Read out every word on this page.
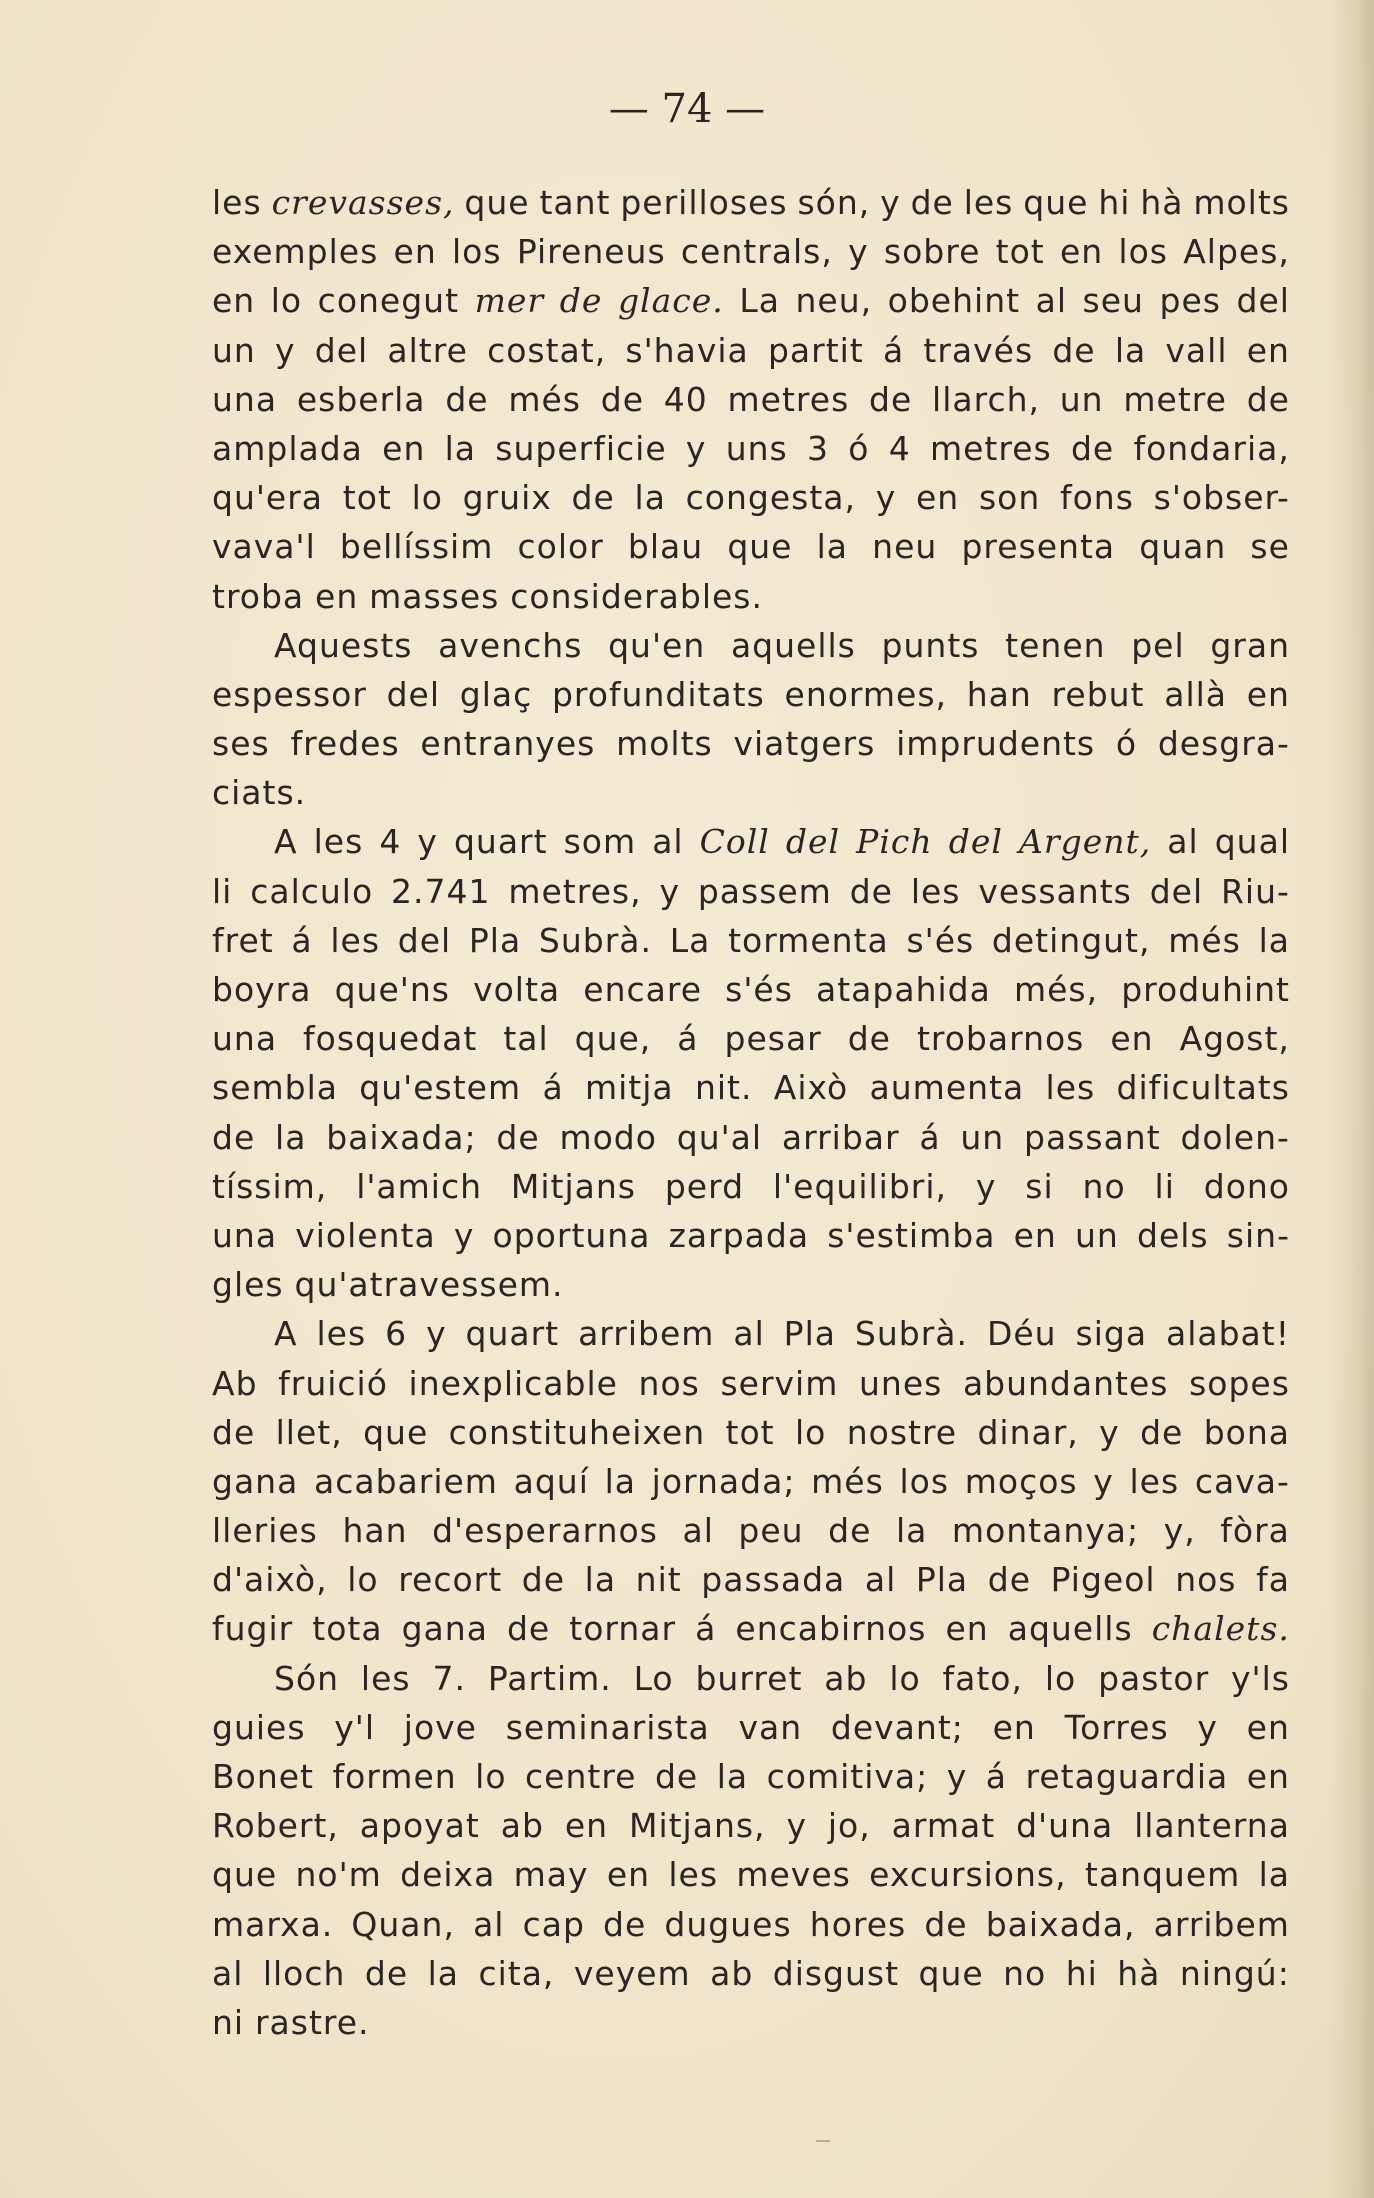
— 74 —

les crevasses, que tant perilloses són, y de les que hi hà molts
exemples en los Pireneus centrals, y sobre tot en los Alpes,
en lo conegut mer de glace. La neu, obehint al seu pes del
un y del altre costat, s'havia partit á través de la vall en
una esberla de més de 40 metres de llarch, un metre de
amplada en la superficie y uns 3 ó 4 metres de fondaria,
qu'era tot lo gruix de la congesta, y en son fons s'obser-
vava'l bellíssim color blau que la neu presenta quan se
troba en masses considerables.
Aquests avenchs qu'en aquells punts tenen pel gran
espessor del glaç profunditats enormes, han rebut allà en
ses fredes entranyes molts viatgers imprudents ó desgra-
ciats.
A les 4 y quart som al Coll del Pich del Argent, al qual
li calculo 2.741 metres, y passem de les vessants del Riu-
fret á les del Pla Subrà. La tormenta s'és detingut, més la
boyra que'ns volta encare s'és atapahida més, produhint
una fosquedat tal que, á pesar de trobarnos en Agost,
sembla qu'estem á mitja nit. Això aumenta les dificultats
de la baixada; de modo qu'al arribar á un passant dolen-
tíssim, l'amich Mitjans perd l'equilibri, y si no li dono
una violenta y oportuna zarpada s'estimba en un dels sin-
gles qu'atravessem.
A les 6 y quart arribem al Pla Subrà. Déu siga alabat!
Ab fruició inexplicable nos servim unes abundantes sopes
de llet, que constituheixen tot lo nostre dinar, y de bona
gana acabariem aquí la jornada; més los moços y les cava-
lleries han d'esperarnos al peu de la montanya; y, fòra
d'això, lo recort de la nit passada al Pla de Pigeol nos fa
fugir tota gana de tornar á encabirnos en aquells chalets.
Són les 7. Partim. Lo burret ab lo fato, lo pastor y'ls
guies y'l jove seminarista van devant; en Torres y en
Bonet formen lo centre de la comitiva; y á retaguardia en
Robert, apoyat ab en Mitjans, y jo, armat d'una llanterna
que no'm deixa may en les meves excursions, tanquem la
marxa. Quan, al cap de dugues hores de baixada, arribem
al lloch de la cita, veyem ab disgust que no hi hà ningú:
ni rastre.
